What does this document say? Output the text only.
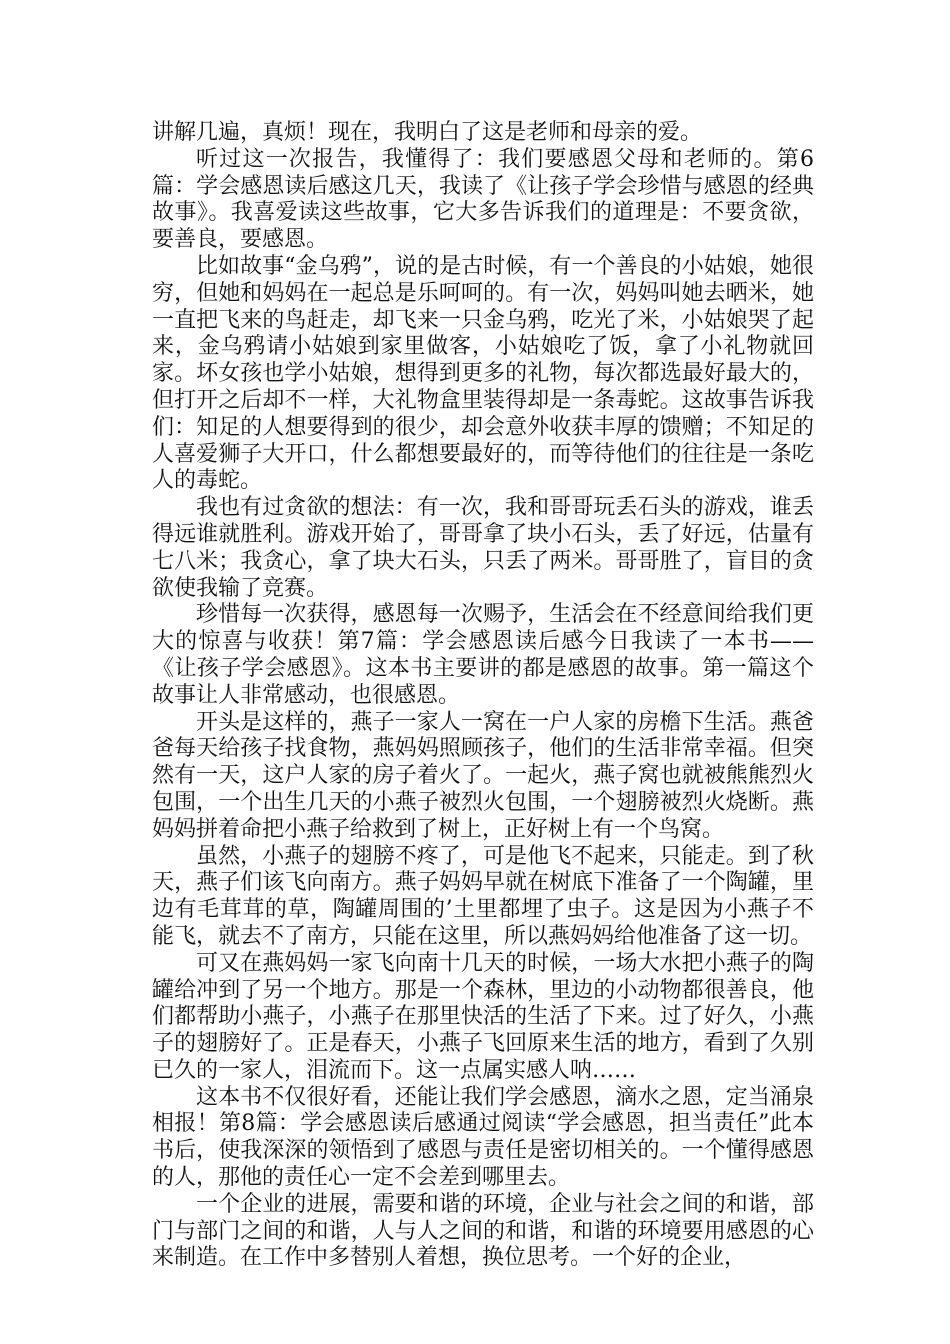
讲解几遍，真烦！现在，我明白了这是老师和母亲的爱。

听过这一次报告，我懂得了：我们要感恩父母和老师的。第6篇：学会感恩读后感这几天，我读了《让孩子学会珍惜与感恩的经典故事》。我喜爱读这些故事，它大多告诉我们的道理是：不要贪欲，要善良，要感恩。

比如故事“金乌鸦”，说的是古时候，有一个善良的小姑娘，她很穷，但她和妈妈在一起总是乐呵呵的。有一次，妈妈叫她去晒米，她一直把飞来的鸟赶走，却飞来一只金乌鸦，吃光了米，小姑娘哭了起来，金乌鸦请小姑娘到家里做客，小姑娘吃了饭，拿了小礼物就回家。坏女孩也学小姑娘，想得到更多的礼物，每次都选最好最大的，但打开之后却不一样，大礼物盒里装得却是一条毒蛇。这故事告诉我们：知足的人想要得到的很少，却会意外收获丰厚的馈赠；不知足的人喜爱狮子大开口，什么都想要最好的，而等待他们的往往是一条吃人的毒蛇。

我也有过贪欲的想法：有一次，我和哥哥玩丢石头的游戏，谁丢得远谁就胜利。游戏开始了，哥哥拿了块小石头，丢了好远，估量有七八米；我贪心，拿了块大石头，只丢了两米。哥哥胜了，盲目的贪欲使我输了竞赛。

珍惜每一次获得，感恩每一次赐予，生活会在不经意间给我们更大的惊喜与收获！第7篇：学会感恩读后感今日我读了一本书——《让孩子学会感恩》。这本书主要讲的都是感恩的故事。第一篇这个故事让人非常感动，也很感恩。

开头是这样的，燕子一家人一窝在一户人家的房檐下生活。燕爸爸每天给孩子找食物，燕妈妈照顾孩子，他们的生活非常幸福。但突然有一天，这户人家的房子着火了。一起火，燕子窝也就被熊熊烈火包围，一个出生几天的小燕子被烈火包围，一个翅膀被烈火烧断。燕妈妈拼着命把小燕子给救到了树上，正好树上有一个鸟窝。

虽然，小燕子的翅膀不疼了，可是他飞不起来，只能走。到了秋天，燕子们该飞向南方。燕子妈妈早就在树底下准备了一个陶罐，里边有毛茸茸的草，陶罐周围的’土里都埋了虫子。这是因为小燕子不能飞，就去不了南方，只能在这里，所以燕妈妈给他准备了这一切。

可又在燕妈妈一家飞向南十几天的时候，一场大水把小燕子的陶罐给冲到了另一个地方。那是一个森林，里边的小动物都很善良，他们都帮助小燕子，小燕子在那里快活的生活了下来。过了好久，小燕子的翅膀好了。正是春天，小燕子飞回原来生活的地方，看到了久别已久的一家人，泪流而下。这一点属实感人呐……

这本书不仅很好看，还能让我们学会感恩，滴水之恩，定当涌泉相报！第8篇：学会感恩读后感通过阅读“学会感恩，担当责任”此本书后，使我深深的领悟到了感恩与责任是密切相关的。一个懂得感恩的人，那他的责任心一定不会差到哪里去。

一个企业的进展，需要和谐的环境，企业与社会之间的和谐，部门与部门之间的和谐，人与人之间的和谐，和谐的环境要用感恩的心来制造。在工作中多替别人着想，换位思考。一个好的企业，
